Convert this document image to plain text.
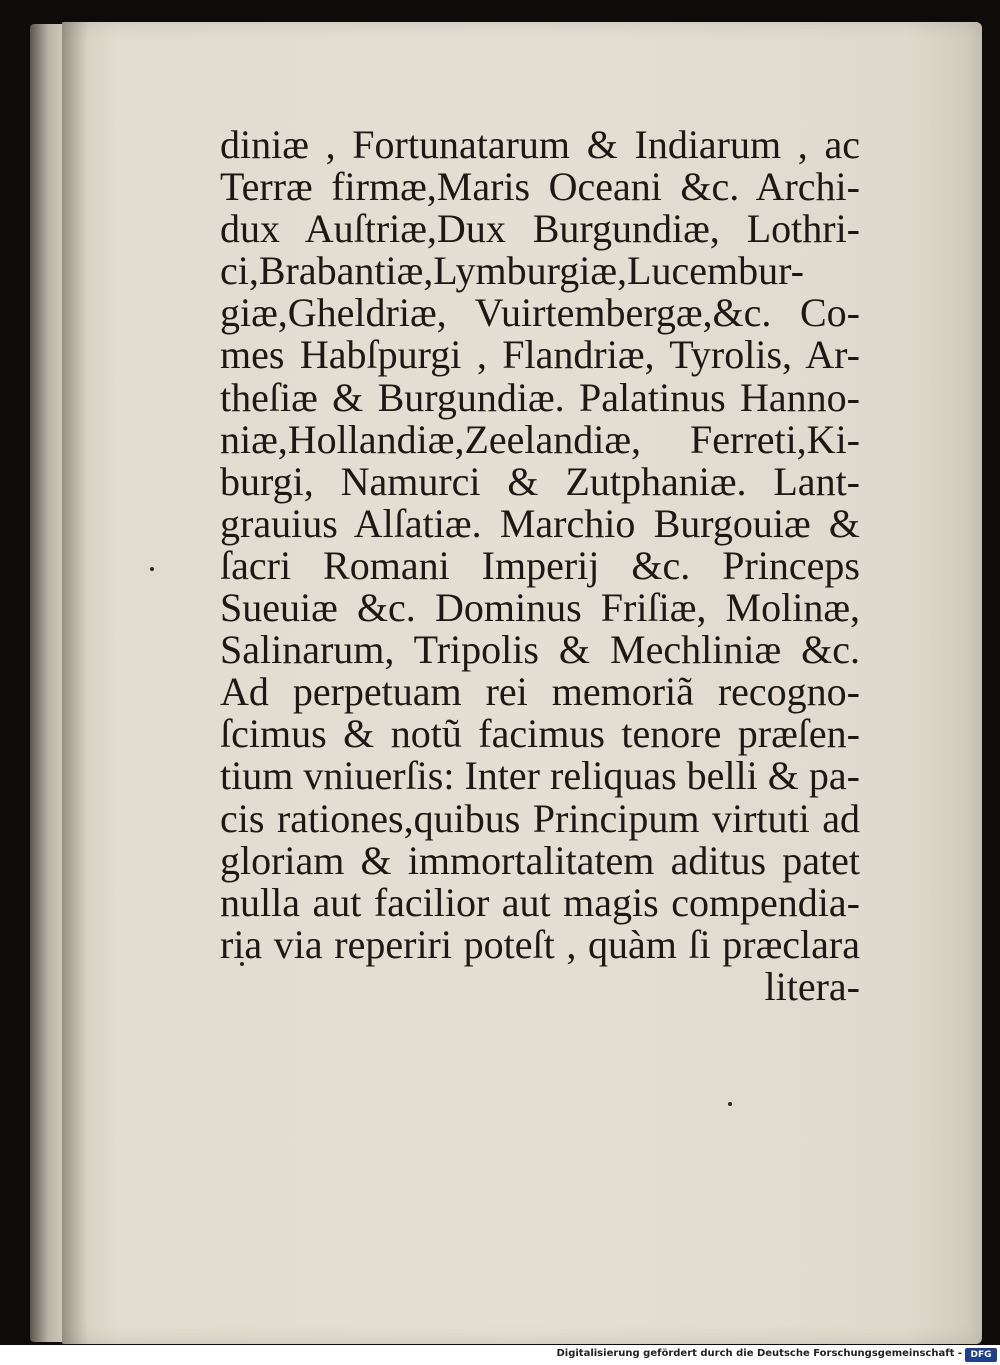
diniæ , Fortunatarum & Indiarum , ac
Terræ firmæ,Maris Oceani &c. Archi-
dux Auſtriæ,Dux Burgundiæ, Lothri-
ci,Brabantiæ,Lymburgiæ,Lucembur-
giæ,Gheldriæ, Vuirtembergæ,&c. Co-
mes Habſpurgi , Flandriæ, Tyrolis, Ar-
theſiæ & Burgundiæ. Palatinus Hanno-
niæ,Hollandiæ,Zeelandiæ, Ferreti,Ki-
burgi, Namurci & Zutphaniæ. Lant-
grauius Alſatiæ. Marchio Burgouiæ &
ſacri Romani Imperij &c. Princeps
Sueuiæ &c. Dominus Friſiæ, Molinæ,
Salinarum, Tripolis & Mechliniæ &c.
Ad perpetuam rei memoriã recogno-
ſcimus & notũ facimus tenore præſen-
tium vniuerſis: Inter reliquas belli & pa-
cis rationes,quibus Principum virtuti ad
gloriam & immortalitatem aditus patet
nulla aut facilior aut magis compendia-
ria via reperiri poteſt , quàm ſi præclara
litera-
Digitalisierung gefördert durch die Deutsche Forschungsgemeinschaft - DFG
